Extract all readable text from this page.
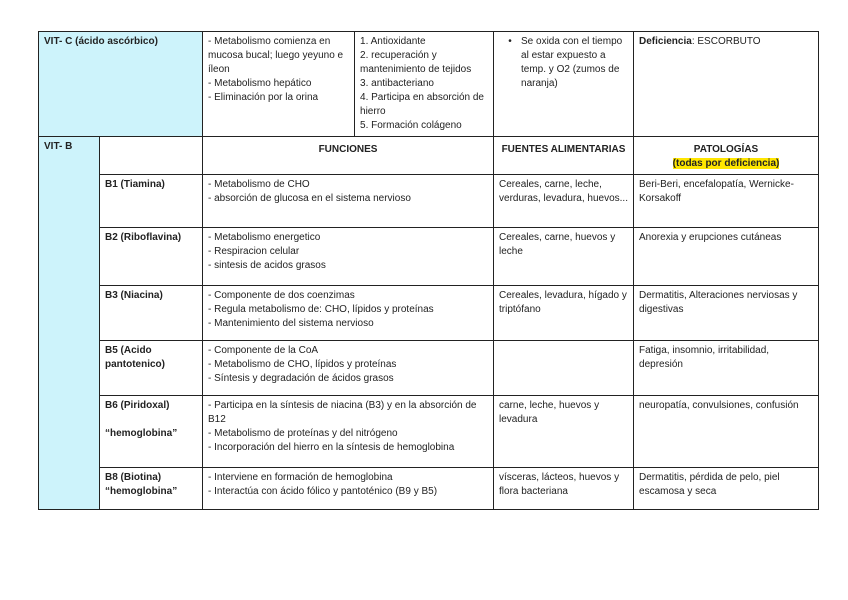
VIT- C (ácido ascórbico)		- Metabolismo comienza en mucosa bucal; luego yeyuno e íleon
- Metabolismo hepático
- Eliminación por la orina	1. Antioxidante
2. recuperación y mantenimiento de tejidos
3. antibacteriano
4. Participa en absorción de hierro
5. Formación colágeno	• Se oxida con el tiempo al estar expuesto a temp. y O2 (zumos de naranja)	Deficiencia: ESCORBUTO
VIT- B		FUNCIONES		FUENTES ALIMENTARIAS	PATOLOGÍAS
(todas por deficiencia)
	B1 (Tiamina)	- Metabolismo de CHO
- absorción de glucosa en el sistema nervioso		Cereales, carne, leche, verduras, levadura, huevos...	Beri-Beri, encefalopatía, Wernicke-Korsakoff
	B2 (Riboflavina)	- Metabolismo energetico
- Respiracion celular
- sintesis de acidos grasos		Cereales, carne, huevos y leche	Anorexia y erupciones cutáneas
	B3 (Niacina)	- Componente de dos coenzimas
- Regula metabolismo de: CHO, lípidos y proteínas
- Mantenimiento del sistema nervioso		Cereales, levadura, hígado y triptófano	Dermatitis, Alteraciones nerviosas y digestivas
	B5 (Acido pantotenico)	- Componente de la CoA
- Metabolismo de CHO, lípidos y proteínas
- Síntesis y degradación de ácidos grasos			Fatiga, insomnio, irritabilidad, depresión

	B6 (Piridoxal)
“hemoglobina”	- Participa en la síntesis de niacina (B3) y en la absorción de B12
- Metabolismo de proteínas y del nitrógeno
- Incorporación del hierro en la síntesis de hemoglobina		carne, leche, huevos y levadura	neuropatía, convulsiones, confusión
	B8 (Biotina) “hemoglobina”	- Interviene en formación de hemoglobina
- Interactúa con ácido fólico y pantoténico (B9 y B5)		vísceras, lácteos, huevos y flora bacteriana	Dermatitis, pérdida de pelo, piel escamosa y seca
